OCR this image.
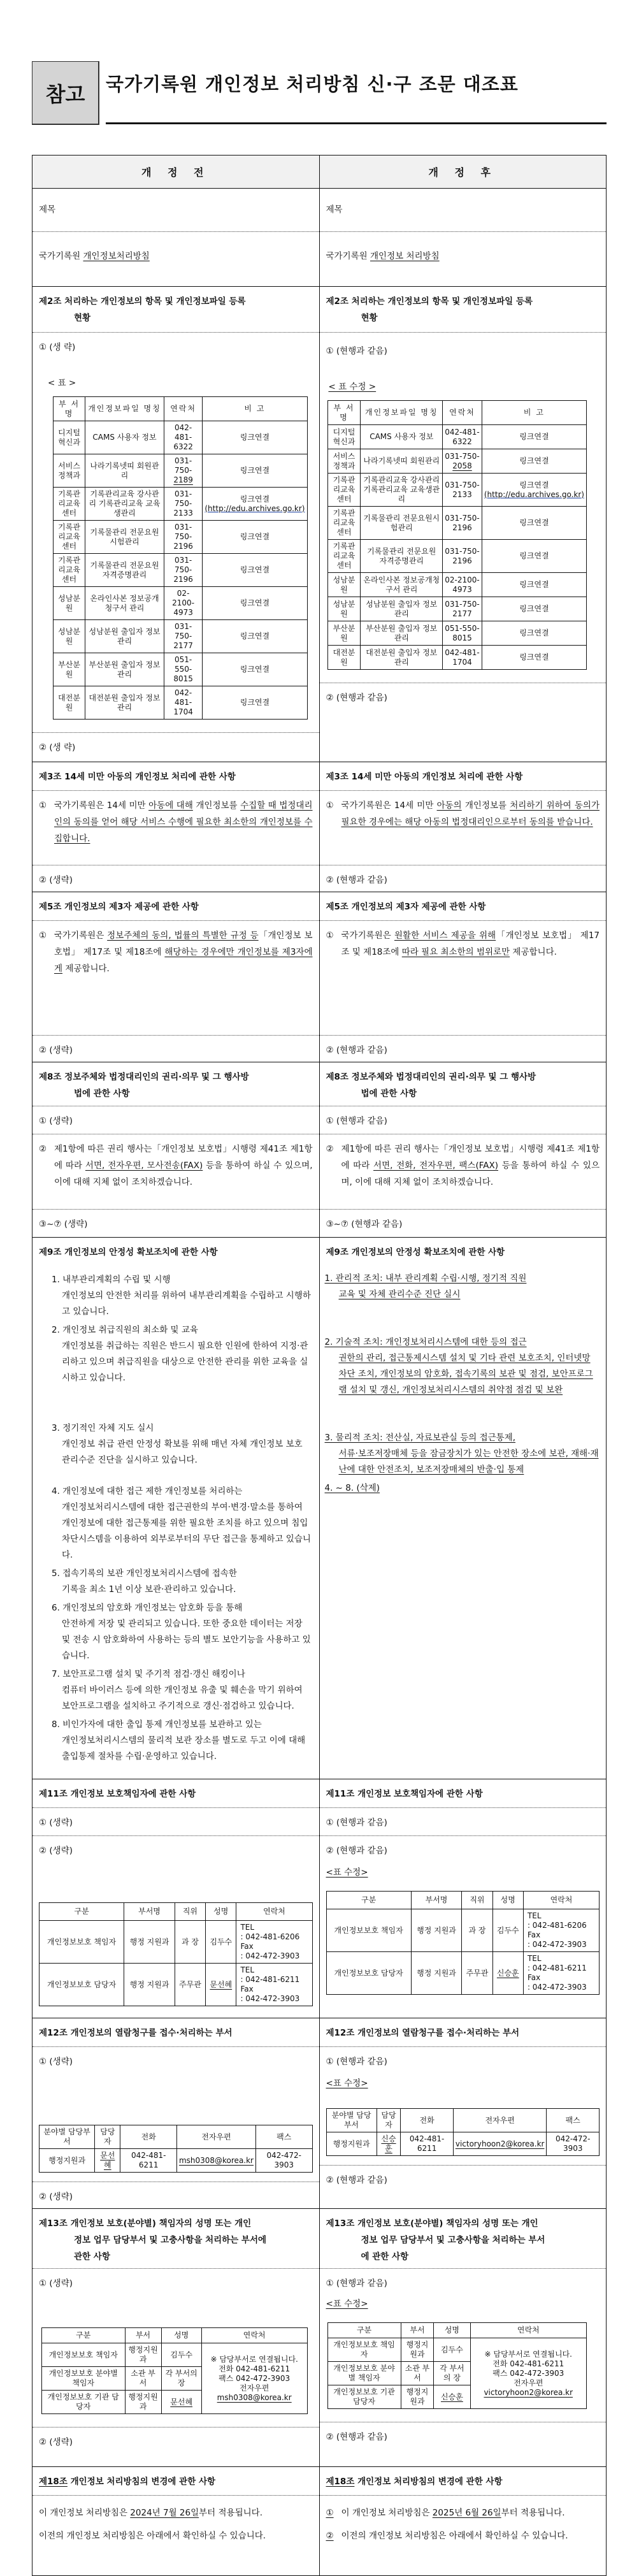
참고	국가기록원 개인정보 처리방침 신·구 조문 대조표
개 정 전	개 정 후
제목
국가기록원 개인정보처리방침
제목
국가기록원 개인정보 처리방침
제2조 처리하는 개인정보의 항목 및 개인정보파일 등록
현황
① (생 략)
< 표 >
부 서 명	개인정보파일 명칭	연락처	비 고
디지털혁신과	CAMS 사용자 정보	042-481-6322	링크연결
서비스정책과	나라기록넷띠 회원관리	031-750-2189	링크연결
기록관리교육센터	기록관리교육 강사관리 기록관리교육 교육생관리	031-750-2133	링크연결
(http://edu.archives.go.kr)
기록관리교육센터	기록물관리 전문요원시험관리	031-750-2196	링크연결
기록관리교육센터	기록물관리 전문요원 자격증명관리	031-750-2196	링크연결
성남분원	온라인사본 정보공개청구서 관리	02-2100-4973	링크연결
성남분원	성남분원 출입자 정보관리	031-750-2177	링크연결
부산분원	부산분원 출입자 정보관리	051-550-8015	링크연결
대전분원	대전분원 출입자 정보관리	042-481-1704	링크연결
② (생 략)
제2조 처리하는 개인정보의 항목 및 개인정보파일 등록
현황
① (현행과 같음)
< 표 수정 >
부 서 명	개인정보파일 명칭	연락처	비 고
디지털혁신과	CAMS 사용자 정보	042-481-6322	링크연결
서비스정책과	나라기록넷띠 회원관리	031-750-2058	링크연결
기록관리교육센터	기록관리교육 강사관리 기록관리교육 교육생관리	031-750-2133	링크연결
(http://edu.archives.go.kr)
기록관리교육센터	기록물관리 전문요원시험관리	031-750-2196	링크연결
기록관리교육센터	기록물관리 전문요원 자격증명관리	031-750-2196	링크연결
성남분원	온라인사본 정보공개청구서 관리	02-2100-4973	링크연결
성남분원	성남분원 출입자 정보관리	031-750-2177	링크연결
부산분원	부산분원 출입자 정보관리	051-550-8015	링크연결
대전분원	대전분원 출입자 정보관리	042-481-1704	링크연결
② (현행과 같음)
제3조 14세 미만 아동의 개인정보 처리에 관한 사항
① 국가기록원은 14세 미만 아동에 대해 개인정보를 수집할 때 법정대리인의 동의를 얻어 해당 서비스 수행에 필요한 최소한의 개인정보를 수집합니다.
② (생략)
제3조 14세 미만 아동의 개인정보 처리에 관한 사항
① 국가기록원은 14세 미만 아동의 개인정보를 처리하기 위하여 동의가 필요한 경우에는 해당 아동의 법정대리인으로부터 동의를 받습니다.
② (현행과 같음)
제5조 개인정보의 제3자 제공에 관한 사항
① 국가기록원은 정보주체의 동의, 법률의 특별한 규정 등「개인정보 보호법」 제17조 및 제18조에 해당하는 경우에만 개인정보를 제3자에게 제공합니다.
② (생략)
제5조 개인정보의 제3자 제공에 관한 사항
① 국가기록원은 원활한 서비스 제공을 위해「개인정보 보호법」 제17조 및 제18조에 따라 필요 최소한의 범위로만 제공합니다.
② (현행과 같음)
제8조 정보주체와 법정대리인의 권리·의무 및 그 행사방
법에 관한 사항
① (생략)
② 제1항에 따른 권리 행사는「개인정보 보호법」시행령 제41조 제1항에 따라 서면, 전자우편, 모사전송(FAX) 등을 통하여 하실 수 있으며, 이에 대해 지체 없이 조치하겠습니다.
③~⑦ (생략)
제8조 정보주체와 법정대리인의 권리·의무 및 그 행사방
법에 관한 사항
① (현행과 같음)
② 제1항에 따른 권리 행사는「개인정보 보호법」시행령 제41조 제1항에 따라 서면, 전화, 전자우편, 팩스(FAX) 등을 통하여 하실 수 있으며, 이에 대해 지체 없이 조치하겠습니다.
③~⑦ (현행과 같음)
제9조 개인정보의 안정성 확보조치에 관한 사항
1. 내부관리계획의 수립 및 시행
개인정보의 안전한 처리를 위하여 내부관리계획을 수립하고 시행하고 있습니다.
2. 개인정보 취급직원의 최소화 및 교육
개인정보를 취급하는 직원은 반드시 필요한 인원에 한하여 지정·관리하고 있으며 취급직원을 대상으로 안전한 관리를 위한 교육을 실시하고 있습니다.
3. 정기적인 자체 지도 실시
개인정보 취급 관련 안정성 확보를 위해 매년 자체 개인정보 보호 관리수준 진단을 실시하고 있습니다.
4. 개인정보에 대한 접근 제한 개인정보를 처리하는
개인정보처리시스템에 대한 접근권한의 부여·변경·말소를 통하여 개인정보에 대한 접근통제를 위한 필요한 조치를 하고 있으며 침입차단시스템을 이용하여 외부로부터의 무단 접근을 통제하고 있습니다.
5. 접속기록의 보관 개인정보처리시스템에 접속한
기록을 최소 1년 이상 보관·관리하고 있습니다.
6. 개인정보의 암호화 개인정보는 암호화 등을 통해
안전하게 저장 및 관리되고 있습니다. 또한 중요한 데이터는 저장 및 전송 시 암호화하여 사용하는 등의 별도 보안기능을 사용하고 있습니다.
7. 보안프로그램 설치 및 주기적 점검·갱신 해킹이나
컴퓨터 바이러스 등에 의한 개인정보 유출 및 훼손을 막기 위하여 보안프로그램을 설치하고 주기적으로 갱신·점검하고 있습니다.
8. 비인가자에 대한 출입 통제 개인정보를 보관하고 있는
개인정보처리시스템의 물리적 보관 장소를 별도로 두고 이에 대해 출입통제 절차를 수립·운영하고 있습니다.
제9조 개인정보의 안정성 확보조치에 관한 사항
1. 관리적 조치: 내부 관리계획 수립·시행, 정기적 직원
교육 및 자체 관리수준 진단 실시
2. 기술적 조치: 개인정보처리시스템에 대한 등의 접근
권한의 관리, 접근통제시스템 설치 및 기타 관련 보호조치, 인터넷망 차단 조치, 개인정보의 암호화, 접속기록의 보관 및 점검, 보안프로그램 설치 및 갱신, 개인정보처리시스템의 취약점 점검 및 보완
3. 물리적 조치: 전산실, 자료보관실 등의 접근통제,
서류·보조저장매체 등을 잠금장치가 있는 안전한 장소에 보관, 재해·재난에 대한 안전조치, 보조저장매체의 반출·입 통제
4. ~ 8. (삭제)
제11조 개인정보 보호책임자에 관한 사항
① (생략)
② (생략)
구분	부서명	직위	성명	연락처
개인정보보호 책임자	행정 지원과	과 장	김두수	TEL
: 042-481-6206
Fax
: 042-472-3903
개인정보보호 담당자	행정 지원과	주무관	문선혜	TEL
: 042-481-6211
Fax
: 042-472-3903
제11조 개인정보 보호책임자에 관한 사항
① (현행과 같음)
② (현행과 같음)
<표 수정>
구분	부서명	직위	성명	연락처
개인정보보호 책임자	행정 지원과	과 장	김두수	TEL
: 042-481-6206
Fax
: 042-472-3903
개인정보보호 담당자	행정 지원과	주무관	신승훈	TEL
: 042-481-6211
Fax
: 042-472-3903
제12조 개인정보의 열람청구를 접수·처리하는 부서
① (생략)
분야별 담당부서	담당자	전화	전자우편	팩스
행정지원과	문선혜	042-481-6211	msh0308@korea.kr	042-472-3903
② (생략)
제12조 개인정보의 열람청구를 접수·처리하는 부서
① (현행과 같음)
<표 수정>
분야별 담당부서	담당자	전화	전자우편	팩스
행정지원과	신승훈	042-481-6211	victoryhoon2@korea.kr	042-472-3903
② (현행과 같음)
제13조 개인정보 보호(분야별) 책임자의 성명 또는 개인
정보 업무 담당부서 및 고충사항을 처리하는 부서에
관한 사항
① (생략)
구분	부서	성명	연락처
개인정보보호 책임자	행정지원과	김두수	※ 담당부서로 연결됩니다.
전화 042-481-6211
팩스 042-472-3903
전자우편 msh0308@korea.kr
개인정보보호 분야별 책임자	소관 부서	각 부서의 장	
개인정보보호 기관 담당자	행정지원과	문선혜	
② (생략)
제13조 개인정보 보호(분야별) 책임자의 성명 또는 개인
정보 업무 담당부서 및 고충사항을 처리하는 부서
에 관한 사항
① (현행과 같음)
<표 수정>
구분	부서	성명	연락처
개인정보보호 책임자	행정지원과	김두수	※ 담당부서로 연결됩니다.
전화 042-481-6211
팩스 042-472-3903
전자우편 victoryhoon2@korea.kr
개인정보보호 분야별 책임자	소관 부서	각 부서의 장	
개인정보보호 기관 담당자	행정지원과	신승훈	
② (현행과 같음)
제18조 개인정보 처리방침의 변경에 관한 사항
이 개인정보 처리방침은 2024년 7월 26일부터 적용됩니다.
이전의 개인정보 처리방침은 아래에서 확인하실 수 있습니다.
제18조 개인정보 처리방침의 변경에 관한 사항
① 이 개인정보 처리방침은 2025년 6월 26일부터 적용됩니다.
② 이전의 개인정보 처리방침은 아래에서 확인하실 수 있습니다.
